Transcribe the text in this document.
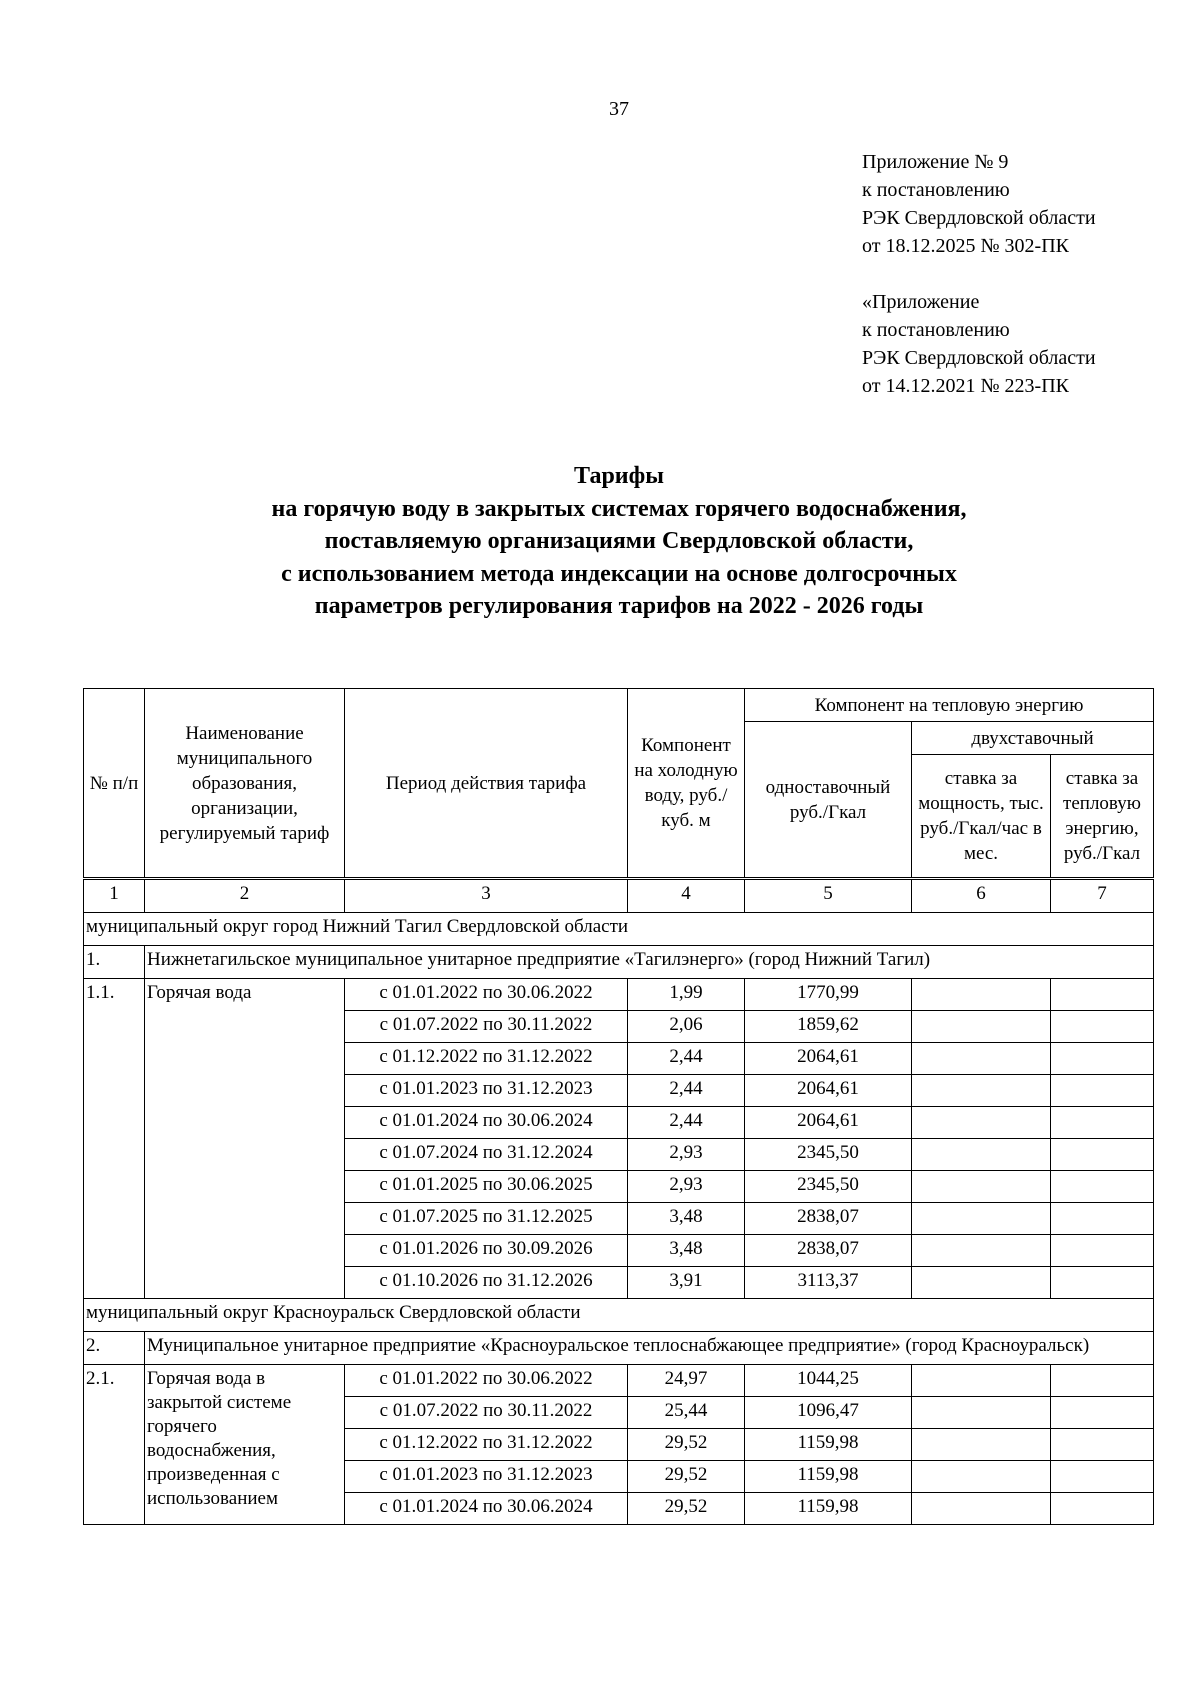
37
Приложение № 9
к постановлению
РЭК Свердловской области
от 18.12.2025 № 302-ПК
«Приложение
к постановлению
РЭК Свердловской области
от 14.12.2021 № 223-ПК
Тарифы
на горячую воду в закрытых системах горячего водоснабжения,
поставляемую организациями Свердловской области,
с использованием метода индексации на основе долгосрочных
параметров регулирования тарифов на 2022 - 2026 годы
№ п/п	Наименование муниципального образования, организации, регулируемый тариф	Период действия тарифа	Компонент на холодную воду, руб./куб. м	Компонент на тепловую энергию		
				одноставочный руб./Гкал	двухставочный	
					ставка за мощность, тыс. руб./Гкал/час в мес.	ставка за тепловую энергию, руб./Гкал
1	2	3	4	5	6	7
муниципальный округ город Нижний Тагил Свердловской области						
1.	Нижнетагильское муниципальное унитарное предприятие «Тагилэнерго» (город Нижний Тагил)					
1.1.	Горячая вода	с 01.01.2022 по 30.06.2022	1,99	1770,99		
		с 01.07.2022 по 30.11.2022	2,06	1859,62		
		с 01.12.2022 по 31.12.2022	2,44	2064,61		
		с 01.01.2023 по 31.12.2023	2,44	2064,61		
		с 01.01.2024 по 30.06.2024	2,44	2064,61		
		с 01.07.2024 по 31.12.2024	2,93	2345,50		
		с 01.01.2025 по 30.06.2025	2,93	2345,50		
		с 01.07.2025 по 31.12.2025	3,48	2838,07		
		с 01.01.2026 по 30.09.2026	3,48	2838,07		
		с 01.10.2026 по 31.12.2026	3,91	3113,37		
муниципальный округ Красноуральск Свердловской области						
2.	Муниципальное унитарное предприятие «Красноуральское теплоснабжающее предприятие» (город Красноуральск)					
2.1.	Горячая вода в закрытой системе горячего водоснабжения, произведенная с использованием	с 01.01.2022 по 30.06.2022	24,97	1044,25		
		с 01.07.2022 по 30.11.2022	25,44	1096,47		
		с 01.12.2022 по 31.12.2022	29,52	1159,98		
		с 01.01.2023 по 31.12.2023	29,52	1159,98		
		с 01.01.2024 по 30.06.2024	29,52	1159,98		
